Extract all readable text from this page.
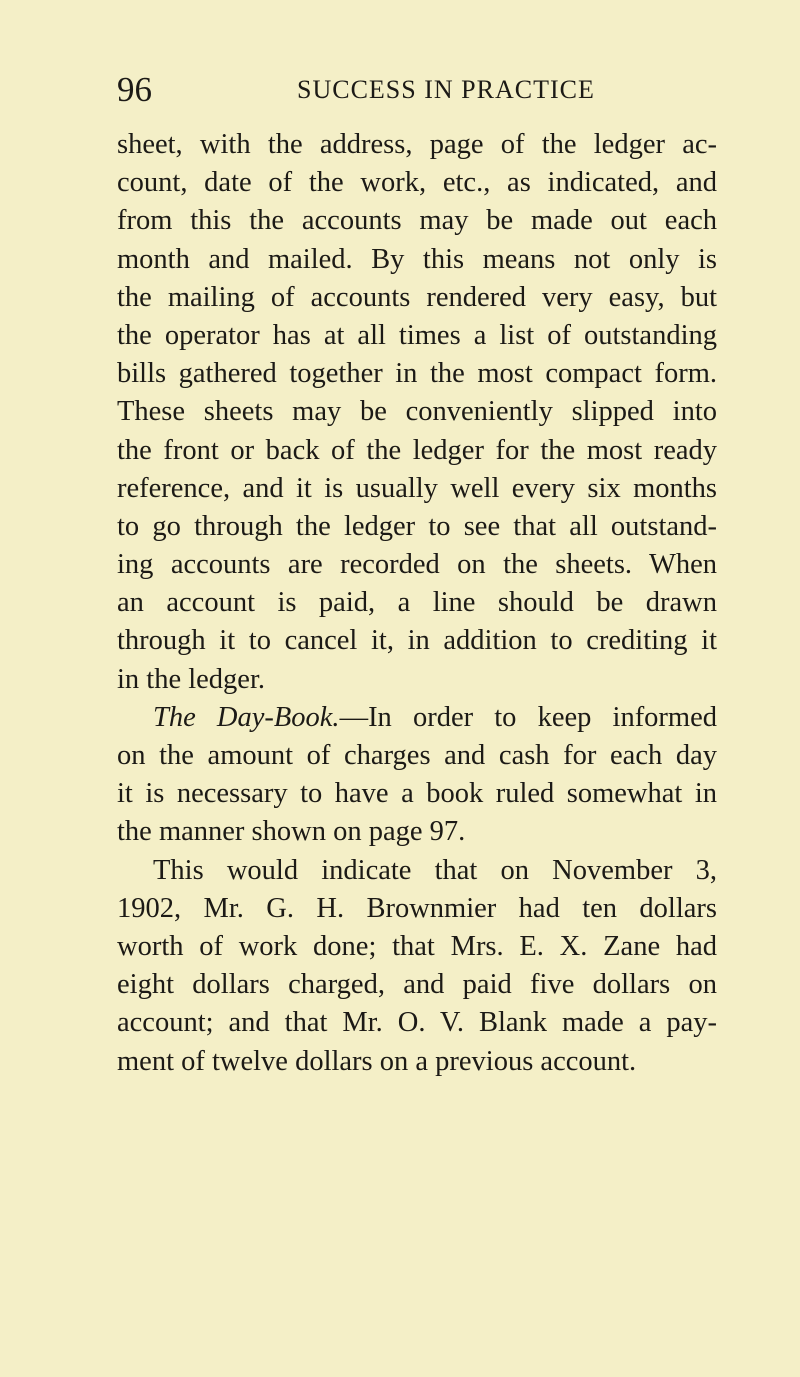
96	SUCCESS IN PRACTICE
sheet, with the address, page of the ledger ac-
count, date of the work, etc., as indicated, and
from this the accounts may be made out each
month and mailed. By this means not only is
the mailing of accounts rendered very easy, but
the operator has at all times a list of outstanding
bills gathered together in the most compact form.
These sheets may be conveniently slipped into
the front or back of the ledger for the most ready
reference, and it is usually well every six months
to go through the ledger to see that all outstand-
ing accounts are recorded on the sheets. When
an account is paid, a line should be drawn
through it to cancel it, in addition to crediting it
in the ledger.
The Day-Book.—In order to keep informed
on the amount of charges and cash for each day
it is necessary to have a book ruled somewhat in
the manner shown on page 97.
This would indicate that on November 3,
1902, Mr. G. H. Brownmier had ten dollars
worth of work done; that Mrs. E. X. Zane had
eight dollars charged, and paid five dollars on
account; and that Mr. O. V. Blank made a pay-
ment of twelve dollars on a previous account.
